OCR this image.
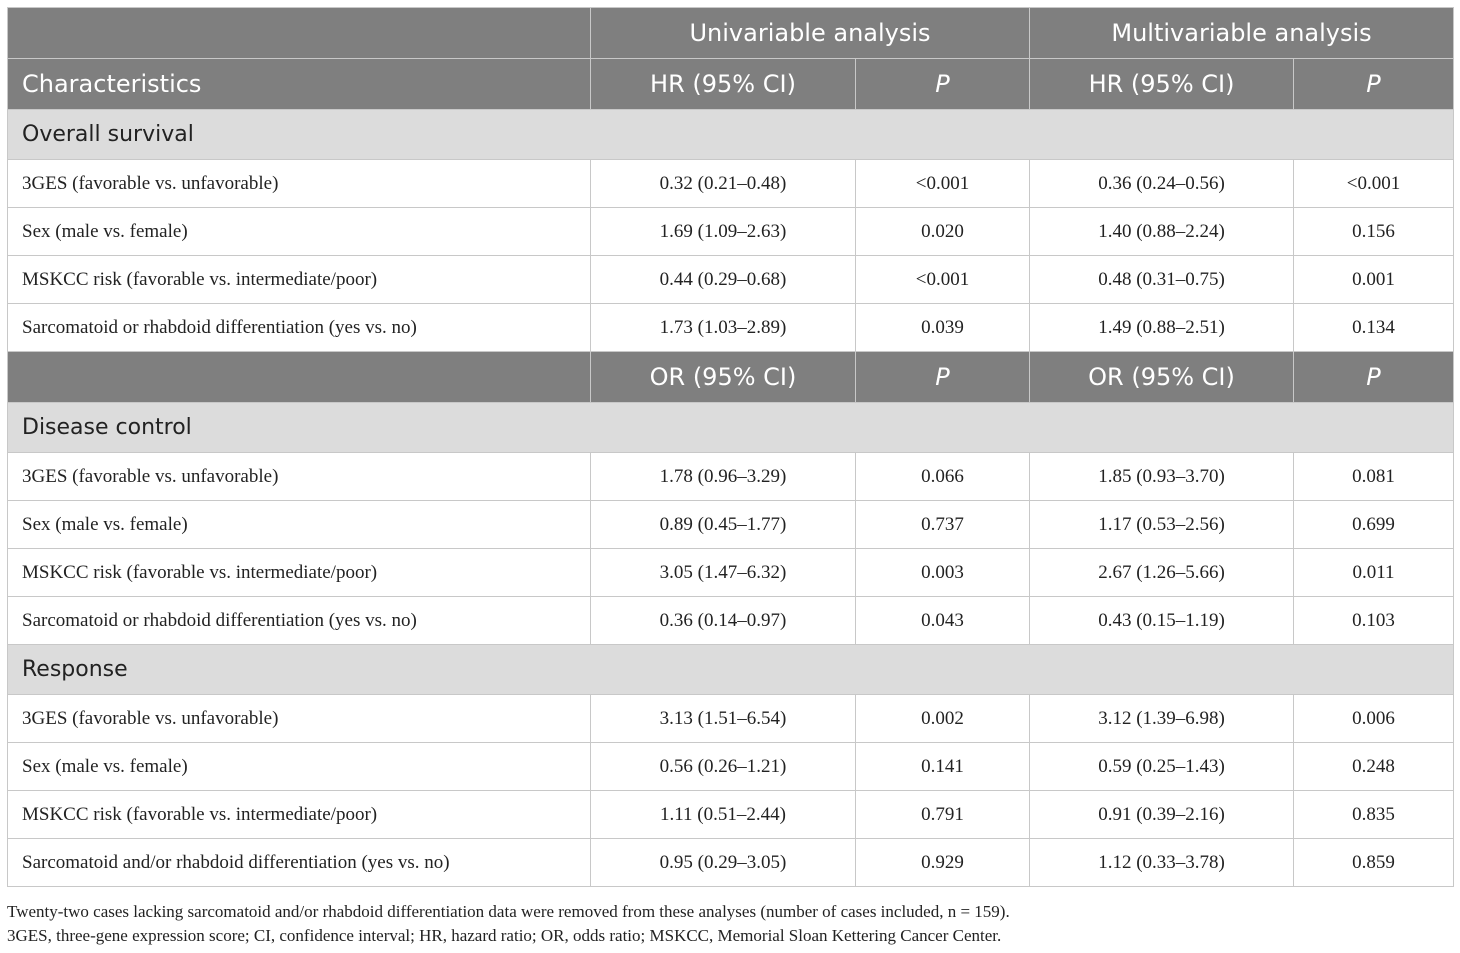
	Univariable analysis		Multivariable analysis	
Characteristics	HR (95% CI)	P	HR (95% CI)	P
Overall survival				
3GES (favorable vs. unfavorable)	0.32 (0.21–0.48)	<0.001	0.36 (0.24–0.56)	<0.001
Sex (male vs. female)	1.69 (1.09–2.63)	0.020	1.40 (0.88–2.24)	0.156
MSKCC risk (favorable vs. intermediate/poor)	0.44 (0.29–0.68)	<0.001	0.48 (0.31–0.75)	0.001
Sarcomatoid or rhabdoid differentiation (yes vs. no)	1.73 (1.03–2.89)	0.039	1.49 (0.88–2.51)	0.134
	OR (95% CI)	P	OR (95% CI)	P
Disease control				
3GES (favorable vs. unfavorable)	1.78 (0.96–3.29)	0.066	1.85 (0.93–3.70)	0.081
Sex (male vs. female)	0.89 (0.45–1.77)	0.737	1.17 (0.53–2.56)	0.699
MSKCC risk (favorable vs. intermediate/poor)	3.05 (1.47–6.32)	0.003	2.67 (1.26–5.66)	0.011
Sarcomatoid or rhabdoid differentiation (yes vs. no)	0.36 (0.14–0.97)	0.043	0.43 (0.15–1.19)	0.103
Response				
3GES (favorable vs. unfavorable)	3.13 (1.51–6.54)	0.002	3.12 (1.39–6.98)	0.006
Sex (male vs. female)	0.56 (0.26–1.21)	0.141	0.59 (0.25–1.43)	0.248
MSKCC risk (favorable vs. intermediate/poor)	1.11 (0.51–2.44)	0.791	0.91 (0.39–2.16)	0.835
Sarcomatoid and/or rhabdoid differentiation (yes vs. no)	0.95 (0.29–3.05)	0.929	1.12 (0.33–3.78)	0.859
Twenty-two cases lacking sarcomatoid and/or rhabdoid differentiation data were removed from these analyses (number of cases included, n = 159).
3GES, three-gene expression score; CI, confidence interval; HR, hazard ratio; OR, odds ratio; MSKCC, Memorial Sloan Kettering Cancer Center.
